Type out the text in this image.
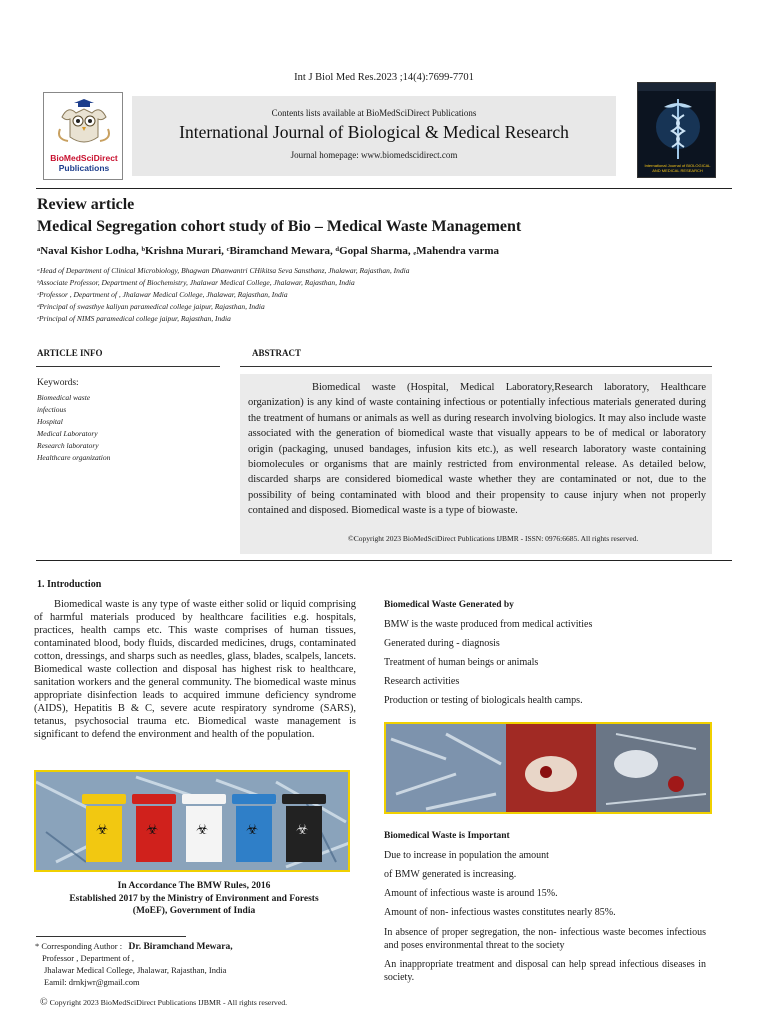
Int J Biol Med Res.2023 ;14(4):7699-7701
BioMedSciDirect
Publications
Contents lists available at BioMedSciDirect Publications
International Journal of Biological & Medical Research
Journal homepage: www.biomedscidirect.com
International Journal of BIOLOGICAL AND MEDICAL RESEARCH
Review article
Medical Segregation cohort study of Bio – Medical Waste Management
ᵃNaval Kishor Lodha, ᵇKrishna Murari, ᶜBiramchand Mewara, ᵈGopal Sharma, ₑMahendra varma
ᵃHead of Department of Clinical Microbiology, Bhagwan Dhanwantri CHikitsa Seva Sansthanz, Jhalawar, Rajasthan, India
ᵇAssociate Professor, Department of Biochemistry, Jhalawar Medical College, Jhalawar, Rajasthan, India
ᶜProfessor , Department of , Jhalawar Medical College, Jhalawar, Rajasthan, India
ᵈPrincipal of swasthye kaliyan paramedical college jaipur, Rajasthan, India
ᵉPrincipal of NIMS paramedical college jaipur, Rajasthan, India
ARTICLE INFO	ABSTRACT
Keywords:
Biomedical waste
infectious
Hospital
Medical Laboratory
Research laboratory
Healthcare organization
Biomedical waste (Hospital, Medical Laboratory,Research laboratory, Healthcare organization) is any kind of waste containing infectious or potentially infectious materials generated during the treatment of humans or animals as well as during research involving biologics. It may also include waste associated with the generation of biomedical waste that visually appears to be of medical or laboratory origin (packaging, unused bandages, infusion kits etc.), as well research laboratory waste containing biomolecules or organisms that are mainly restricted from environmental release. As detailed below, discarded sharps are considered biomedical waste whether they are contaminated or not, due to the possibility of being contaminated with blood and their propensity to cause injury when not properly contained and disposed. Biomedical waste is a type of biowaste.
©Copyright 2023 BioMedSciDirect Publications IJBMR - ISSN: 0976:6685. All rights reserved.
1. Introduction
Biomedical waste is any type of waste either solid or liquid comprising of harmful materials produced by healthcare facilities e.g. hospitals, practices, health camps etc. This waste comprises of human tissues, contaminated blood, body fluids, discarded medicines, drugs, contaminated cotton, dressings, and sharps such as needles, glass, blades, scalpels, lancets. Biomedical waste collection and disposal has highest risk to healthcare, sanitation workers and the general community. The biomedical waste minus appropriate disinfection leads to acquired immune deficiency syndrome (AIDS), Hepatitis B & C, severe acute respiratory syndrome (SARS), tetanus, psychosocial trauma etc. Biomedical waste management is significant to defend the environment and health of the population.
☣	☣	☣	☣	☣
In Accordance The BMW Rules, 2016
Established 2017 by the Ministry of Environment and Forests
(MoEF), Government of India
* Corresponding Author : Dr. Biramchand Mewara,
Professor , Department of ,
Jhalawar Medical College, Jhalawar, Rajasthan, India
Eamil: drnkjwr@gmail.com
© Copyright 2023 BioMedSciDirect Publications IJBMR - All rights reserved.
Biomedical Waste Generated by
BMW is the waste produced from medical activities
Generated during - diagnosis
Treatment of human beings or animals
Research activities
Production or testing of biologicals health camps.
Biomedical Waste is Important
Due to increase in population the amount
of BMW generated is increasing.
Amount of infectious waste is around 15%.
Amount of non- infectious wastes constitutes nearly 85%.
In absence of proper segregation, the non- infectious waste becomes infectious and poses environmental threat to the society
An inappropriate treatment and disposal can help spread infectious diseases in society.
